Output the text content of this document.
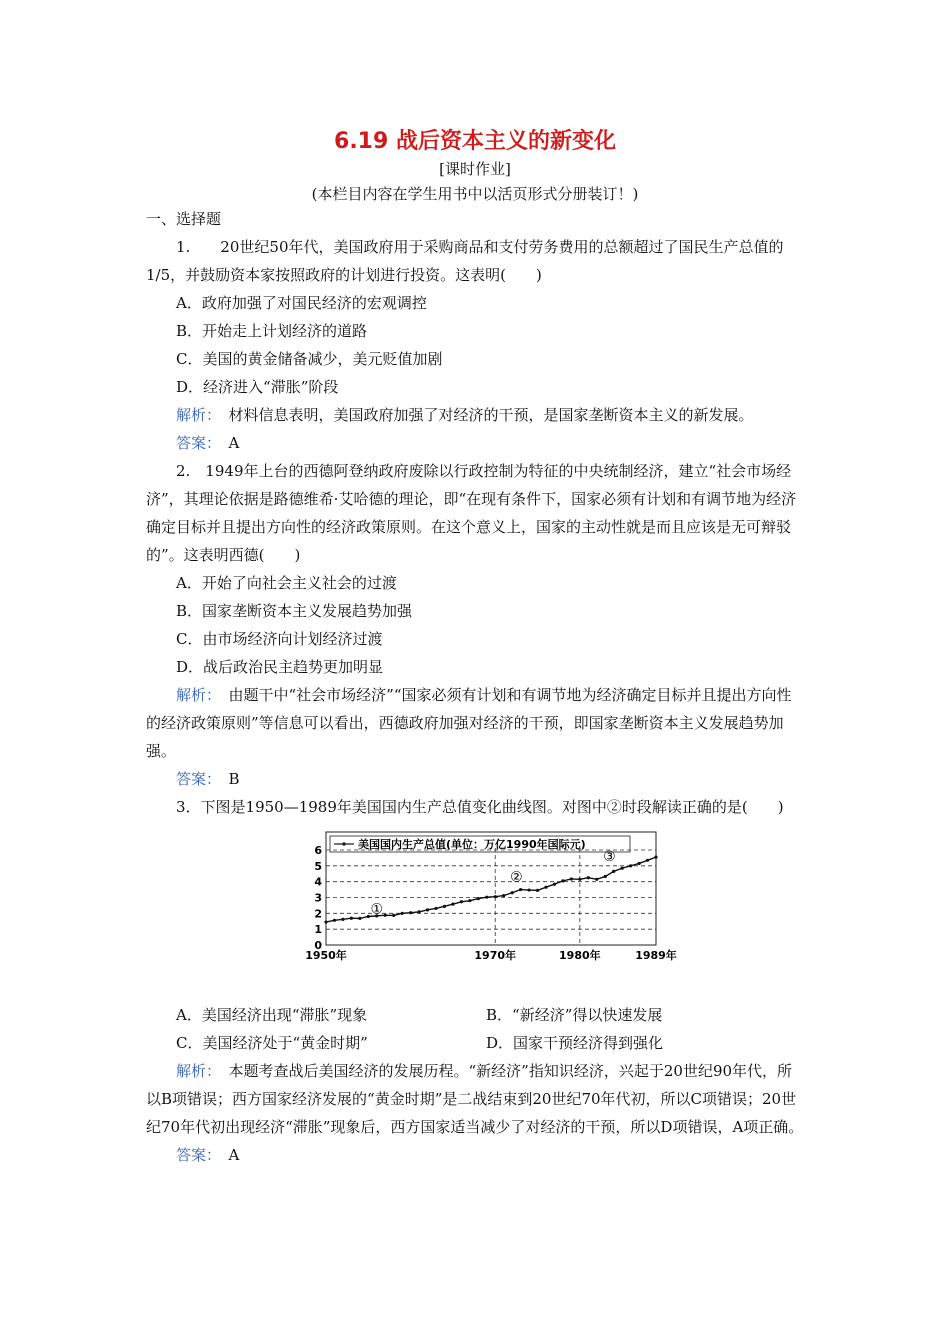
6.19 战后资本主义的新变化
[课时作业]
(本栏目内容在学生用书中以活页形式分册装订！)
一、选择题
1.　　20世纪50年代，美国政府用于采购商品和支付劳务费用的总额超过了国民生产总值的1/5，并鼓励资本家按照政府的计划进行投资。这表明(　　)
A．政府加强了对国民经济的宏观调控
B．开始走上计划经济的道路
C．美国的黄金储备减少，美元贬值加剧
D．经济进入“滞胀”阶段
解析：　材料信息表明，美国政府加强了对经济的干预，是国家垄断资本主义的新发展。
答案：　A
2.　1949年上台的西德阿登纳政府废除以行政控制为特征的中央统制经济，建立“社会市场经济”，其理论依据是路德维希·艾哈德的理论，即“在现有条件下，国家必须有计划和有调节地为经济确定目标并且提出方向性的经济政策原则。在这个意义上，国家的主动性就是而且应该是无可辩驳的”。这表明西德(　　)
A．开始了向社会主义社会的过渡
B．国家垄断资本主义发展趋势加强
C．由市场经济向计划经济过渡
D．战后政治民主趋势更加明显
解析：　由题干中“社会市场经济”“国家必须有计划和有调节地为经济确定目标并且提出方向性的经济政策原则”等信息可以看出，西德政府加强对经济的干预，即国家垄断资本主义发展趋势加强。
答案：　B
3．下图是1950—1989年美国国内生产总值变化曲线图。对图中②时段解读正确的是(　　)
美国国内生产总值(单位：万亿1990年国际元)
0
1
2
3
4
5
6
1950年	1970年	1980年	1989年
①
②
③
A．美国经济出现“滞胀”现象	B．“新经济”得以快速发展
C．美国经济处于“黄金时期”	D．国家干预经济得到强化
解析：　本题考查战后美国经济的发展历程。“新经济”指知识经济，兴起于20世纪90年代，所以B项错误；西方国家经济发展的“黄金时期”是二战结束到20世纪70年代初，所以C项错误；20世纪70年代初出现经济“滞胀”现象后，西方国家适当减少了对经济的干预，所以D项错误，A项正确。
答案：　A
